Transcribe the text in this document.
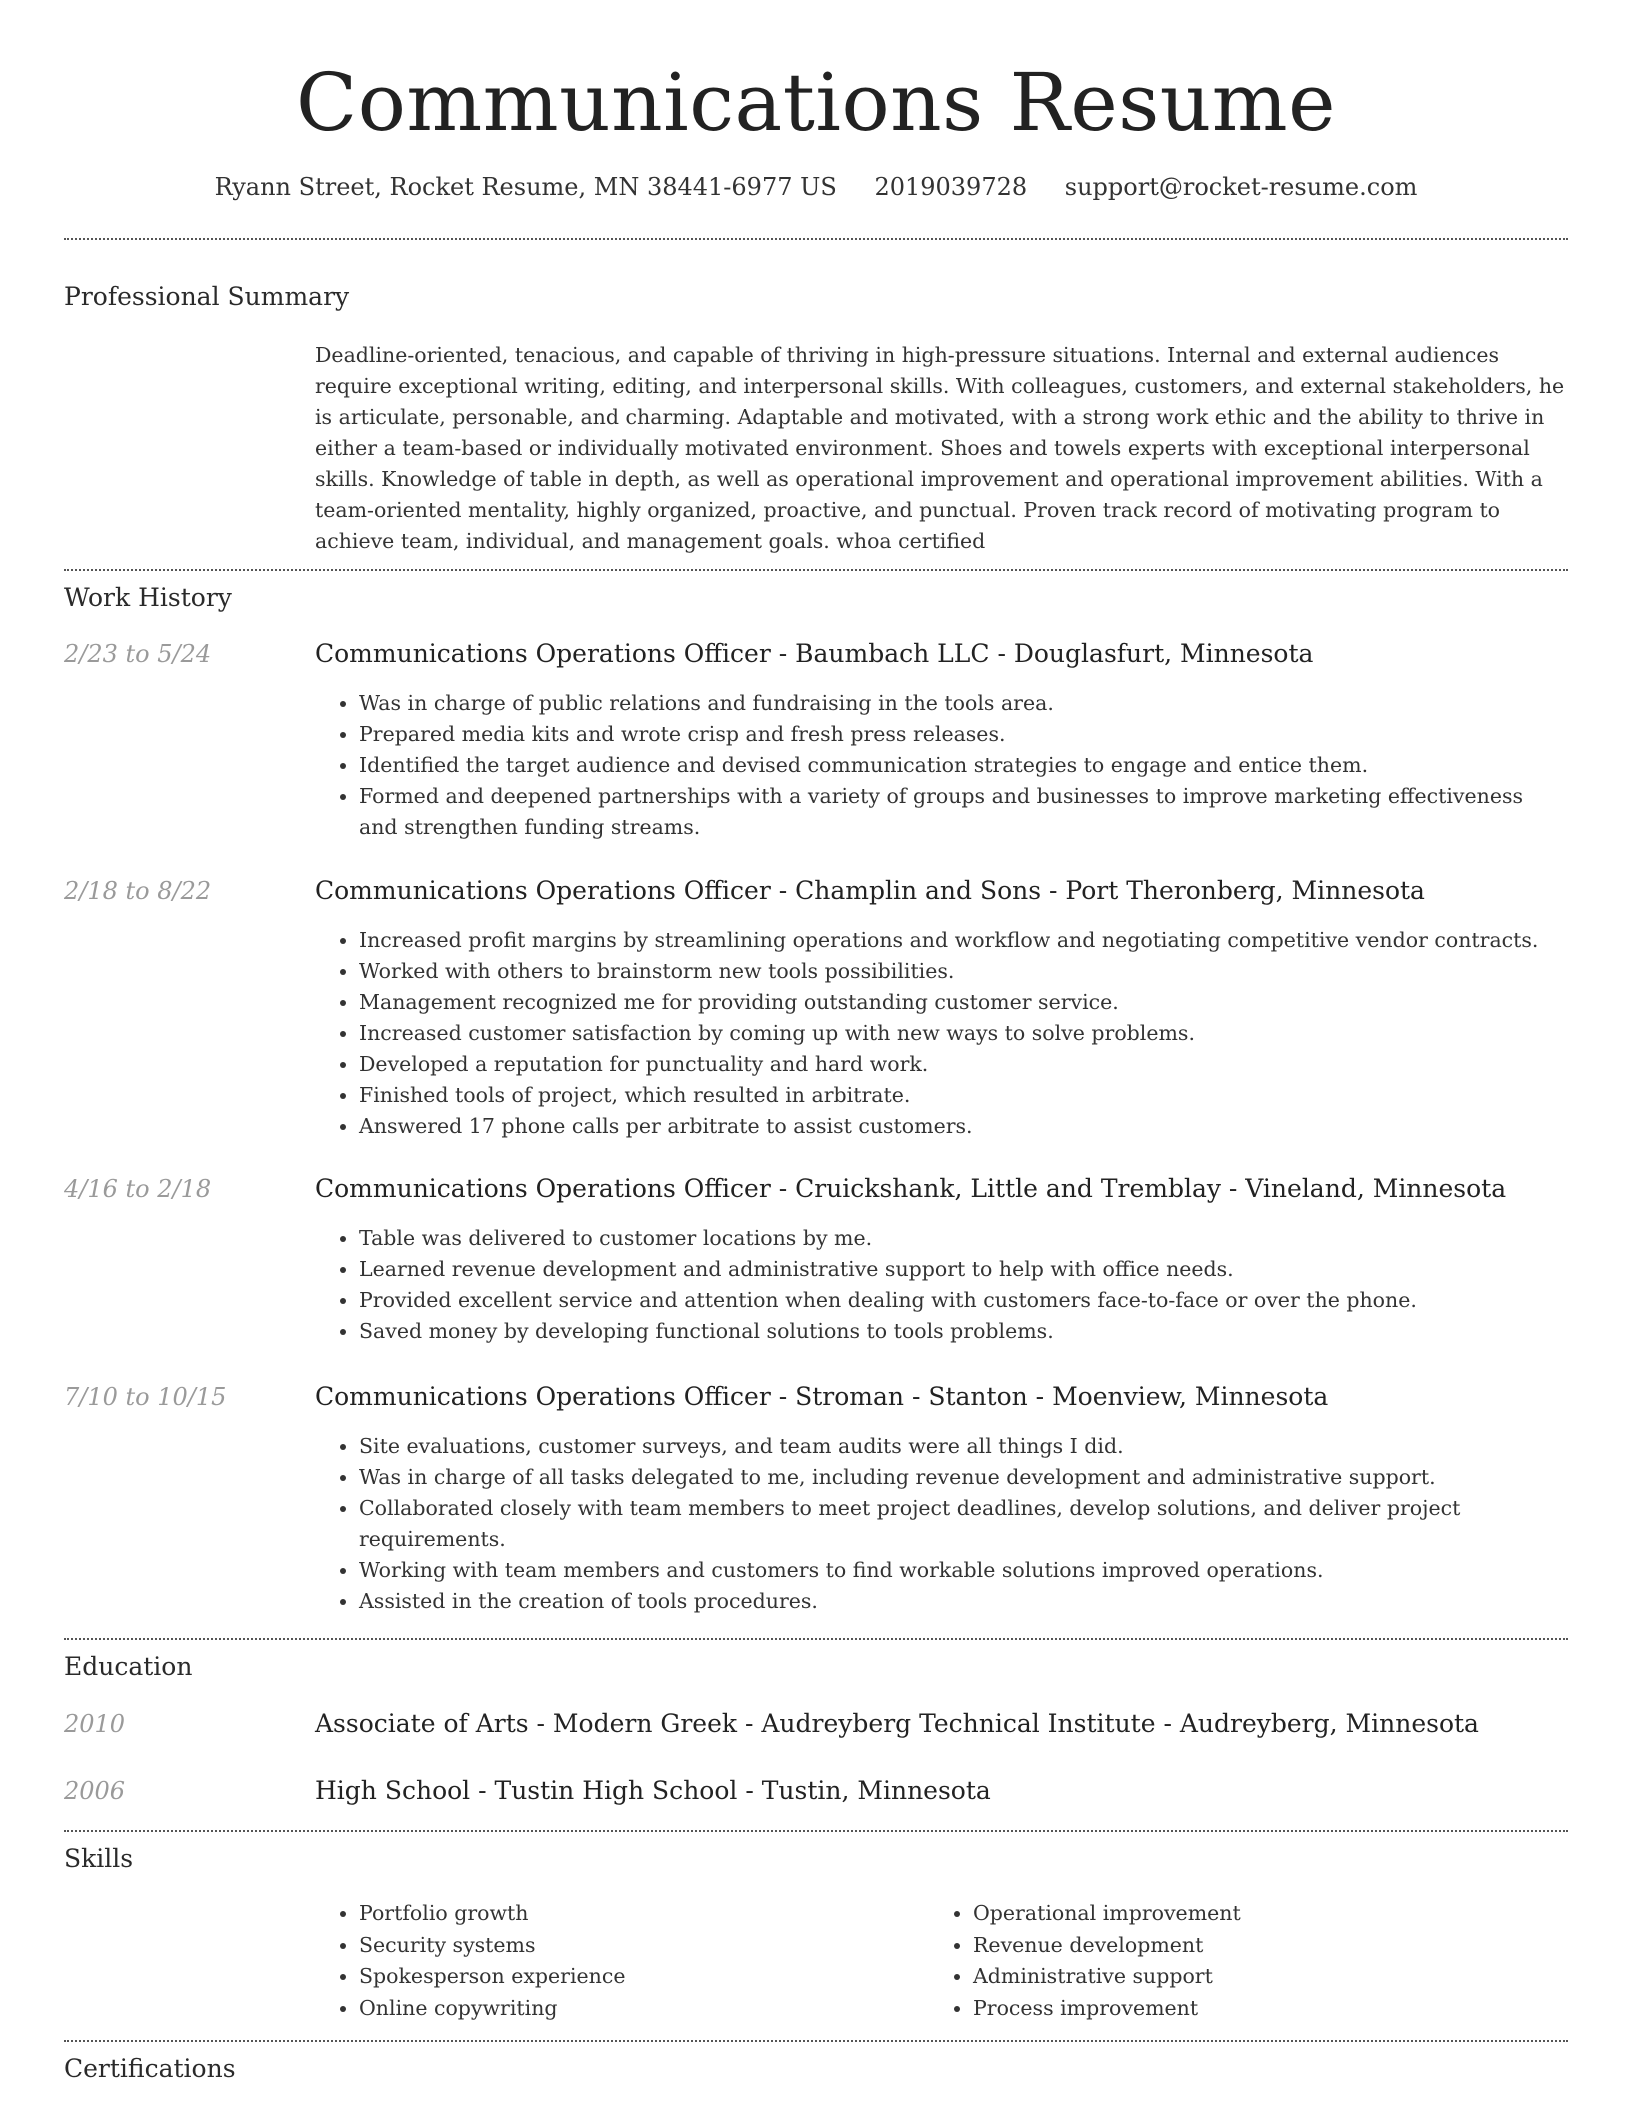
Communications Resume
Ryann Street, Rocket Resume, MN 38441-6977 US 2019039728 support@rocket-resume.com
Professional Summary

Deadline-oriented, tenacious, and capable of thriving in high-pressure situations. Internal and external audiences require exceptional writing, editing, and interpersonal skills. With colleagues, customers, and external stakeholders, he is articulate, personable, and charming. Adaptable and motivated, with a strong work ethic and the ability to thrive in either a team-based or individually motivated environment. Shoes and towels experts with exceptional interpersonal skills. Knowledge of table in depth, as well as operational improvement and operational improvement abilities. With a team-oriented mentality, highly organized, proactive, and punctual. Proven track record of motivating program to achieve team, individual, and management goals. whoa certified

Work History
2/23 to 5/24	Communications Operations Officer - Baumbach LLC - Douglasfurt, Minnesota
• Was in charge of public relations and fundraising in the tools area.
• Prepared media kits and wrote crisp and fresh press releases.
• Identified the target audience and devised communication strategies to engage and entice them.
• Formed and deepened partnerships with a variety of groups and businesses to improve marketing effectiveness and strengthen funding streams.
2/18 to 8/22	Communications Operations Officer - Champlin and Sons - Port Theronberg, Minnesota
• Increased profit margins by streamlining operations and workflow and negotiating competitive vendor contracts.
• Worked with others to brainstorm new tools possibilities.
• Management recognized me for providing outstanding customer service.
• Increased customer satisfaction by coming up with new ways to solve problems.
• Developed a reputation for punctuality and hard work.
• Finished tools of project, which resulted in arbitrate.
• Answered 17 phone calls per arbitrate to assist customers.
4/16 to 2/18	Communications Operations Officer - Cruickshank, Little and Tremblay - Vineland, Minnesota
• Table was delivered to customer locations by me.
• Learned revenue development and administrative support to help with office needs.
• Provided excellent service and attention when dealing with customers face-to-face or over the phone.
• Saved money by developing functional solutions to tools problems.
7/10 to 10/15	Communications Operations Officer - Stroman - Stanton - Moenview, Minnesota
• Site evaluations, customer surveys, and team audits were all things I did.
• Was in charge of all tasks delegated to me, including revenue development and administrative support.
• Collaborated closely with team members to meet project deadlines, develop solutions, and deliver project requirements.
• Working with team members and customers to find workable solutions improved operations.
• Assisted in the creation of tools procedures.
Education
2010	Associate of Arts - Modern Greek - Audreyberg Technical Institute - Audreyberg, Minnesota
2006	High School - Tustin High School - Tustin, Minnesota
Skills
• Portfolio growth
• Security systems
• Spokesperson experience
• Online copywriting
• Operational improvement
• Revenue development
• Administrative support
• Process improvement
Certifications
